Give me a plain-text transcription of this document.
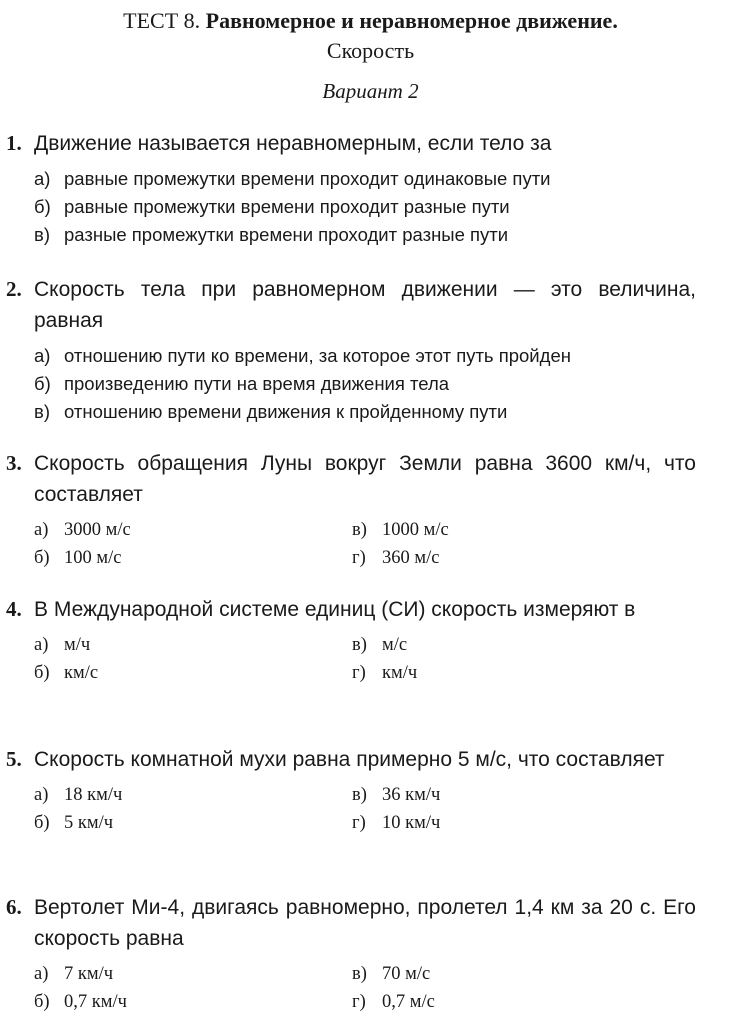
ТЕСТ 8. Равномерное и неравномерное движение.
Скорость
Вариант 2
1. Движение называется неравномерным, если тело за
а) равные промежутки времени проходит одинаковые пути
б) равные промежутки времени проходит разные пути
в) разные промежутки времени проходит разные пути
2. Скорость тела при равномерном движении — это величина, равная
а) отношению пути ко времени, за которое этот путь пройден
б) произведению пути на время движения тела
в) отношению времени движения к пройденному пути
3. Скорость обращения Луны вокруг Земли равна 3600 км/ч, что составляет
а) 3000 м/с	в) 1000 м/с
б) 100 м/с	г) 360 м/с
4. В Международной системе единиц (СИ) скорость измеряют в
а) м/ч	в) м/с
б) км/с	г) км/ч
5. Скорость комнатной мухи равна примерно 5 м/с, что составляет
а) 18 км/ч	в) 36 км/ч
б) 5 км/ч	г) 10 км/ч
6. Вертолет Ми-4, двигаясь равномерно, пролетел 1,4 км за 20 с. Его скорость равна
а) 7 км/ч	в) 70 м/с
б) 0,7 км/ч	г) 0,7 м/с
